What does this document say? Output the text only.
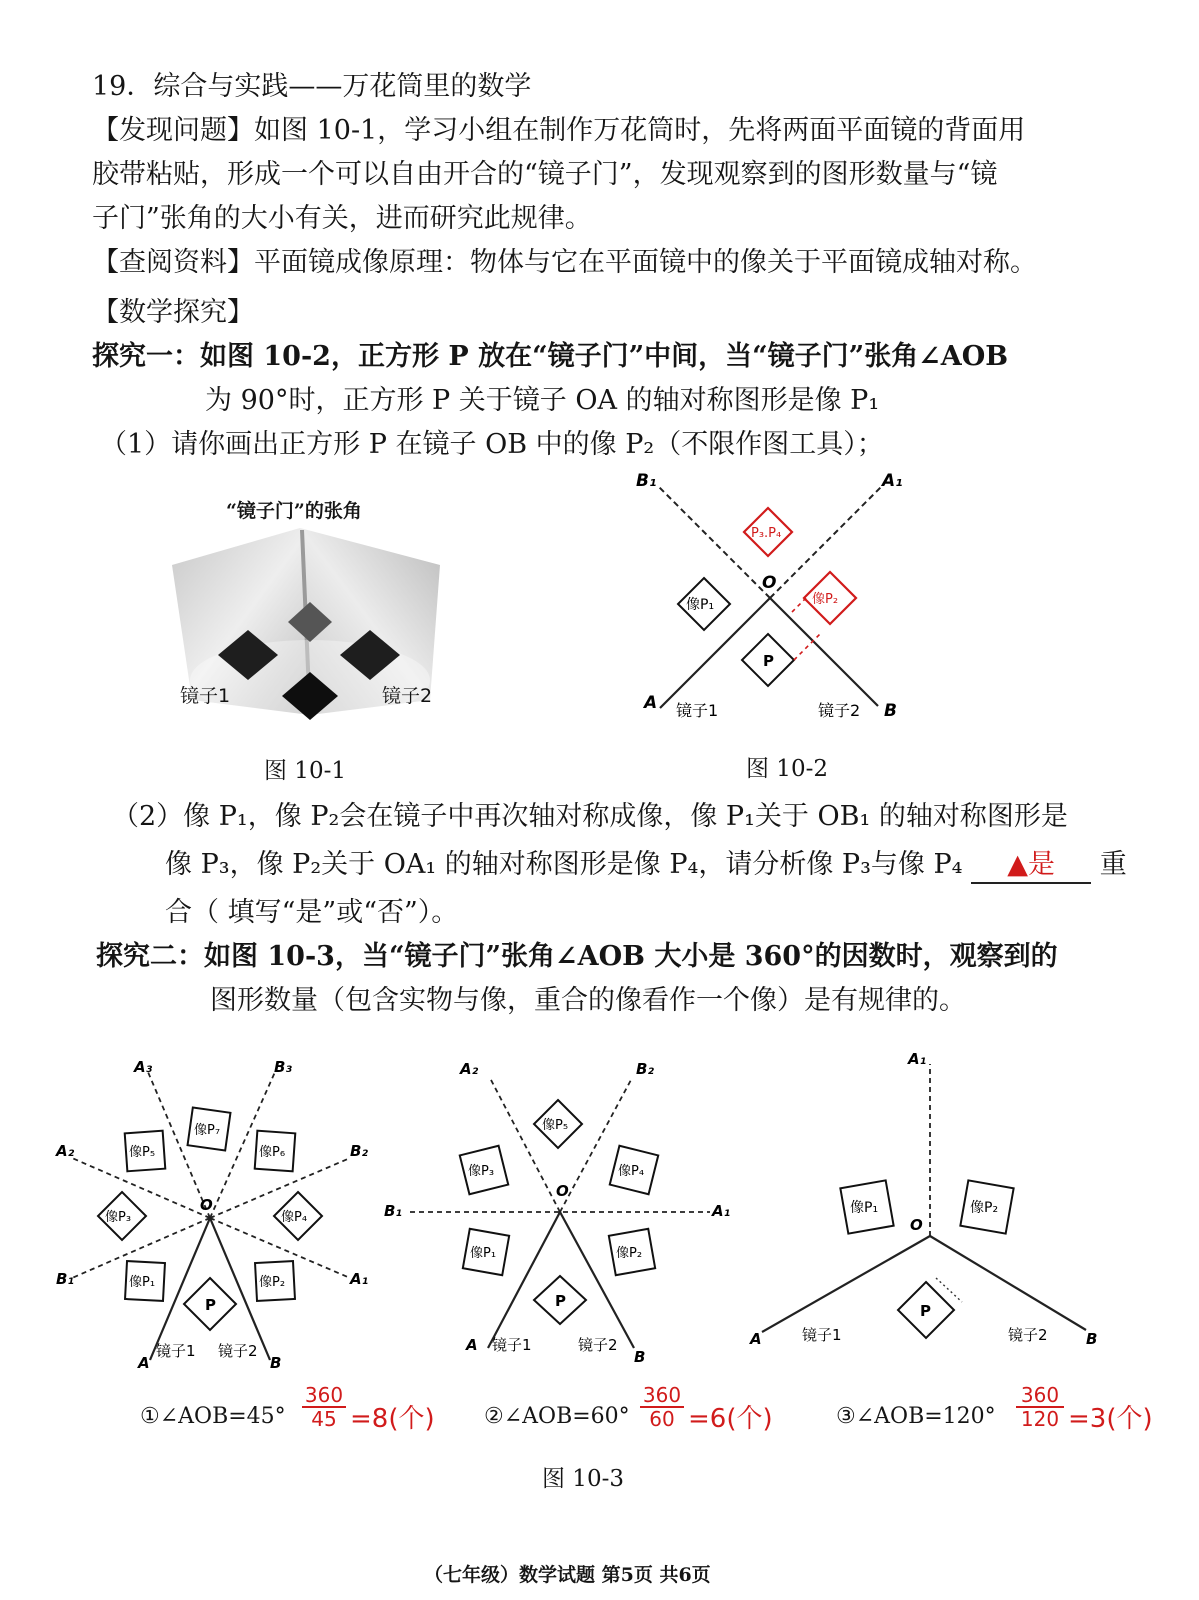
19．综合与实践——万花筒里的数学
【发现问题】如图 10-1，学习小组在制作万花筒时，先将两面平面镜的背面用
胶带粘贴，形成一个可以自由开合的“镜子门”，发现观察到的图形数量与“镜
子门”张角的大小有关，进而研究此规律。
【查阅资料】平面镜成像原理：物体与它在平面镜中的像关于平面镜成轴对称。
【数学探究】
探究一：如图 10-2，正方形 P 放在“镜子门”中间，当“镜子门”张角∠AOB
为 90°时，正方形 P 关于镜子 OA 的轴对称图形是像 P₁
（1）请你画出正方形 P 在镜子 OB 中的像 P₂（不限作图工具）；
（2）像 P₁，像 P₂会在镜子中再次轴对称成像，像 P₁关于 OB₁ 的轴对称图形是
像 P₃，像 P₂关于 OA₁ 的轴对称图形是像 P₄，请分析像 P₃与像 P₄ ▲是 重
合（ 填写“是”或“否”）。
探究二：如图 10-3，当“镜子门”张角∠AOB 大小是 360°的因数时，观察到的
图形数量（包含实物与像，重合的像看作一个像）是有规律的。
镜子1	镜子2
“镜子门”的张角
图 10-1
B₁	A₁
O
A	B
像P₁
P
镜子1	镜子2
P₃.P₄
像P₂
图 10-2
像P₇
像P₅	像P₆
像P₃	像P₄
像P₁	像P₂
P
A₃	B₃
A₂	B₂
B₁	A₁
O
A	B
镜子1 镜子2
像P₅
像P₃	像P₄
像P₁	像P₂
P
A₂	B₂
B₁	A₁
O
A
B
镜子1	镜子2
像P₁	像P₂
P
A₁
O
A	B
镜子1	镜子2
①∠AOB=45° $\frac{360}{45} =8$(个) ②∠AOB=60° $\frac{360}{60} =6$(个)	③∠AOB=120° $\frac{360}{120} =3$(个)
图 10-3
（七年级）数学试题 第5页 共6页
